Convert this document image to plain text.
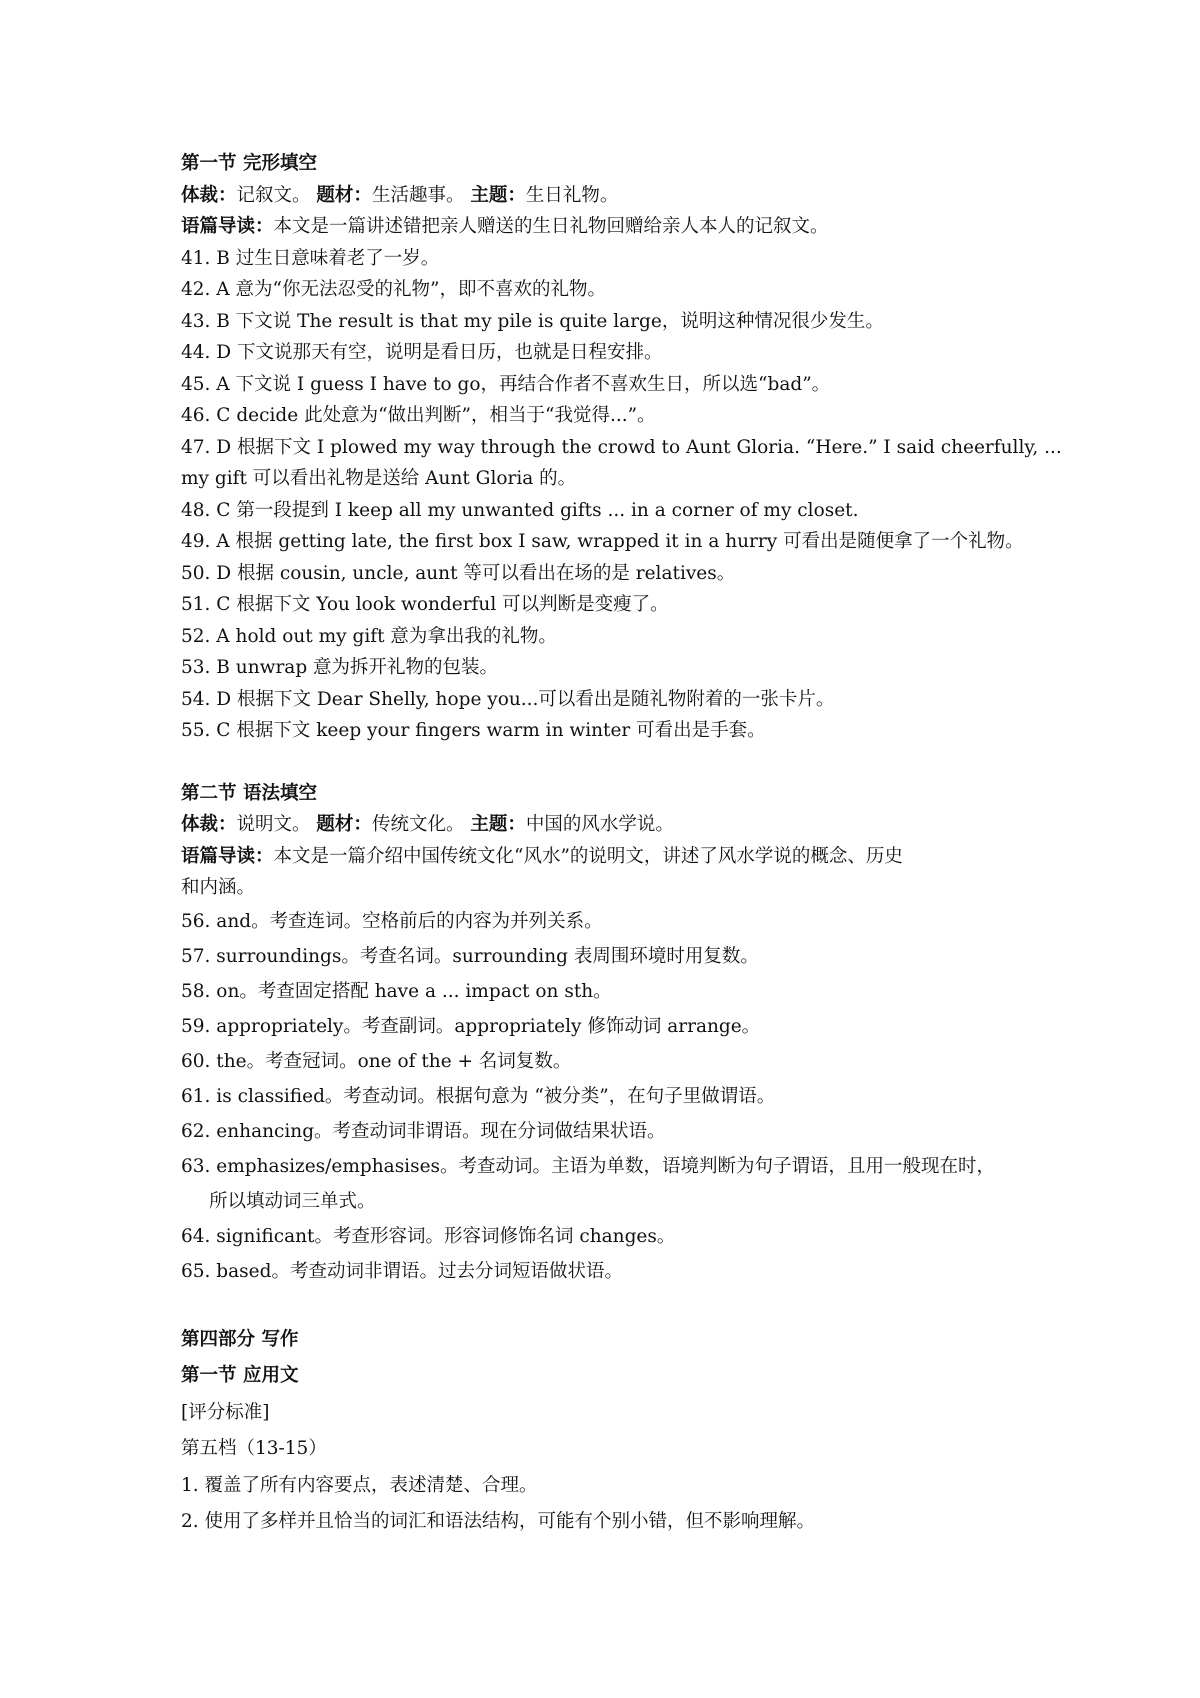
第一节 完形填空

体裁：记叙文。 题材：生活趣事。 主题：生日礼物。

语篇导读：本文是一篇讲述错把亲人赠送的生日礼物回赠给亲人本人的记叙文。

41. B 过生日意味着老了一岁。

42. A 意为“你无法忍受的礼物”，即不喜欢的礼物。

43. B 下文说 The result is that my pile is quite large，说明这种情况很少发生。

44. D 下文说那天有空，说明是看日历，也就是日程安排。

45. A 下文说 I guess I have to go，再结合作者不喜欢生日，所以选“bad”。

46. C decide 此处意为“做出判断”，相当于“我觉得...”。

47. D 根据下文 I plowed my way through the crowd to Aunt Gloria. “Here.” I said cheerfully, ...

my gift 可以看出礼物是送给 Aunt Gloria 的。

48. C 第一段提到 I keep all my unwanted gifts ... in a corner of my closet.

49. A 根据 getting late, the first box I saw, wrapped it in a hurry 可看出是随便拿了一个礼物。

50. D 根据 cousin, uncle, aunt 等可以看出在场的是 relatives。

51. C 根据下文 You look wonderful 可以判断是变瘦了。

52. A hold out my gift 意为拿出我的礼物。

53. B unwrap 意为拆开礼物的包装。

54. D 根据下文 Dear Shelly, hope you...可以看出是随礼物附着的一张卡片。

55. C 根据下文 keep your fingers warm in winter 可看出是手套。

第二节 语法填空

体裁：说明文。 题材：传统文化。 主题：中国的风水学说。

语篇导读：本文是一篇介绍中国传统文化“风水”的说明文，讲述了风水学说的概念、历史

和内涵。

56. and。考查连词。空格前后的内容为并列关系。

57. surroundings。考查名词。surrounding 表周围环境时用复数。

58. on。考查固定搭配 have a ... impact on sth。

59. appropriately。考查副词。appropriately 修饰动词 arrange。

60. the。考查冠词。one of the + 名词复数。

61. is classified。考查动词。根据句意为 “被分类”，在句子里做谓语。

62. enhancing。考查动词非谓语。现在分词做结果状语。

63. emphasizes/emphasises。考查动词。主语为单数，语境判断为句子谓语，且用一般现在时，

所以填动词三单式。

64. significant。考查形容词。形容词修饰名词 changes。

65. based。考查动词非谓语。过去分词短语做状语。

第四部分 写作

第一节 应用文

[评分标准]

第五档（13-15）

1. 覆盖了所有内容要点，表述清楚、合理。

2. 使用了多样并且恰当的词汇和语法结构，可能有个别小错，但不影响理解。
